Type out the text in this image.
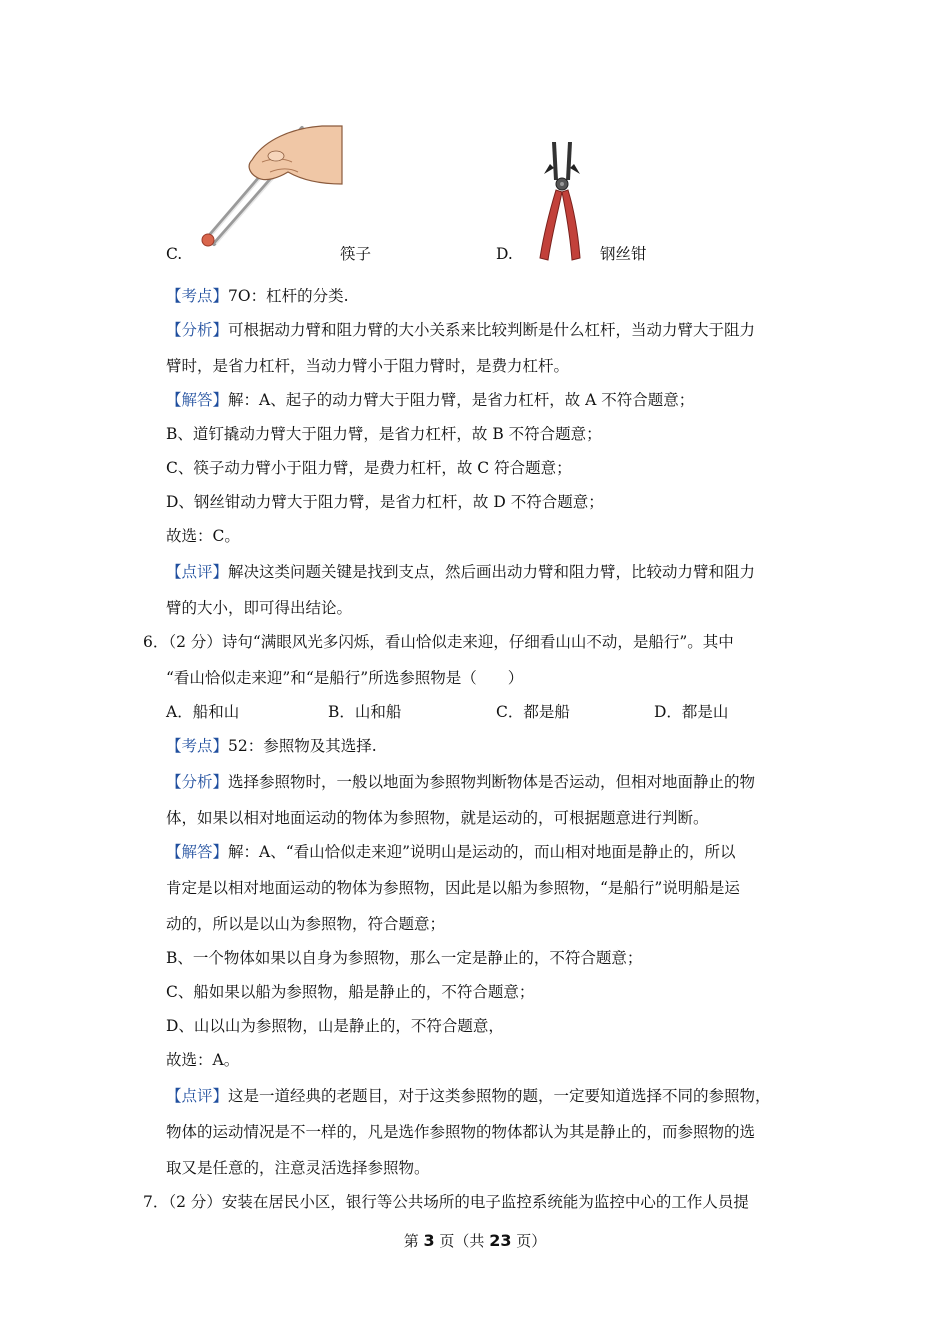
C.	筷子	D.	钢丝钳
【考点】7O：杠杆的分类.
【分析】可根据动力臂和阻力臂的大小关系来比较判断是什么杠杆，当动力臂大于阻力
臂时，是省力杠杆，当动力臂小于阻力臂时，是费力杠杆。
【解答】解：A、起子的动力臂大于阻力臂，是省力杠杆，故 A 不符合题意；
B、道钉撬动力臂大于阻力臂，是省力杠杆，故 B 不符合题意；
C、筷子动力臂小于阻力臂，是费力杠杆，故 C 符合题意；
D、钢丝钳动力臂大于阻力臂，是省力杠杆，故 D 不符合题意；
故选：C。
【点评】解决这类问题关键是找到支点，然后画出动力臂和阻力臂，比较动力臂和阻力
臂的大小，即可得出结论。
6．（2 分）诗句“满眼风光多闪烁，看山恰似走来迎，仔细看山山不动，是船行”。其中
“看山恰似走来迎”和“是船行”所选参照物是（　　）
A．船和山	B．山和船	C．都是船	D．都是山
【考点】52：参照物及其选择.
【分析】选择参照物时，一般以地面为参照物判断物体是否运动，但相对地面静止的物
体，如果以相对地面运动的物体为参照物，就是运动的，可根据题意进行判断。
【解答】解：A、“看山恰似走来迎”说明山是运动的，而山相对地面是静止的，所以
肯定是以相对地面运动的物体为参照物，因此是以船为参照物，“是船行”说明船是运
动的，所以是以山为参照物，符合题意；
B、一个物体如果以自身为参照物，那么一定是静止的，不符合题意；
C、船如果以船为参照物，船是静止的，不符合题意；
D、山以山为参照物，山是静止的，不符合题意，
故选：A。
【点评】这是一道经典的老题目，对于这类参照物的题，一定要知道选择不同的参照物，
物体的运动情况是不一样的，凡是选作参照物的物体都认为其是静止的，而参照物的选
取又是任意的，注意灵活选择参照物。
7．（2 分）安装在居民小区，银行等公共场所的电子监控系统能为监控中心的工作人员提
第 3 页（共 23 页）
